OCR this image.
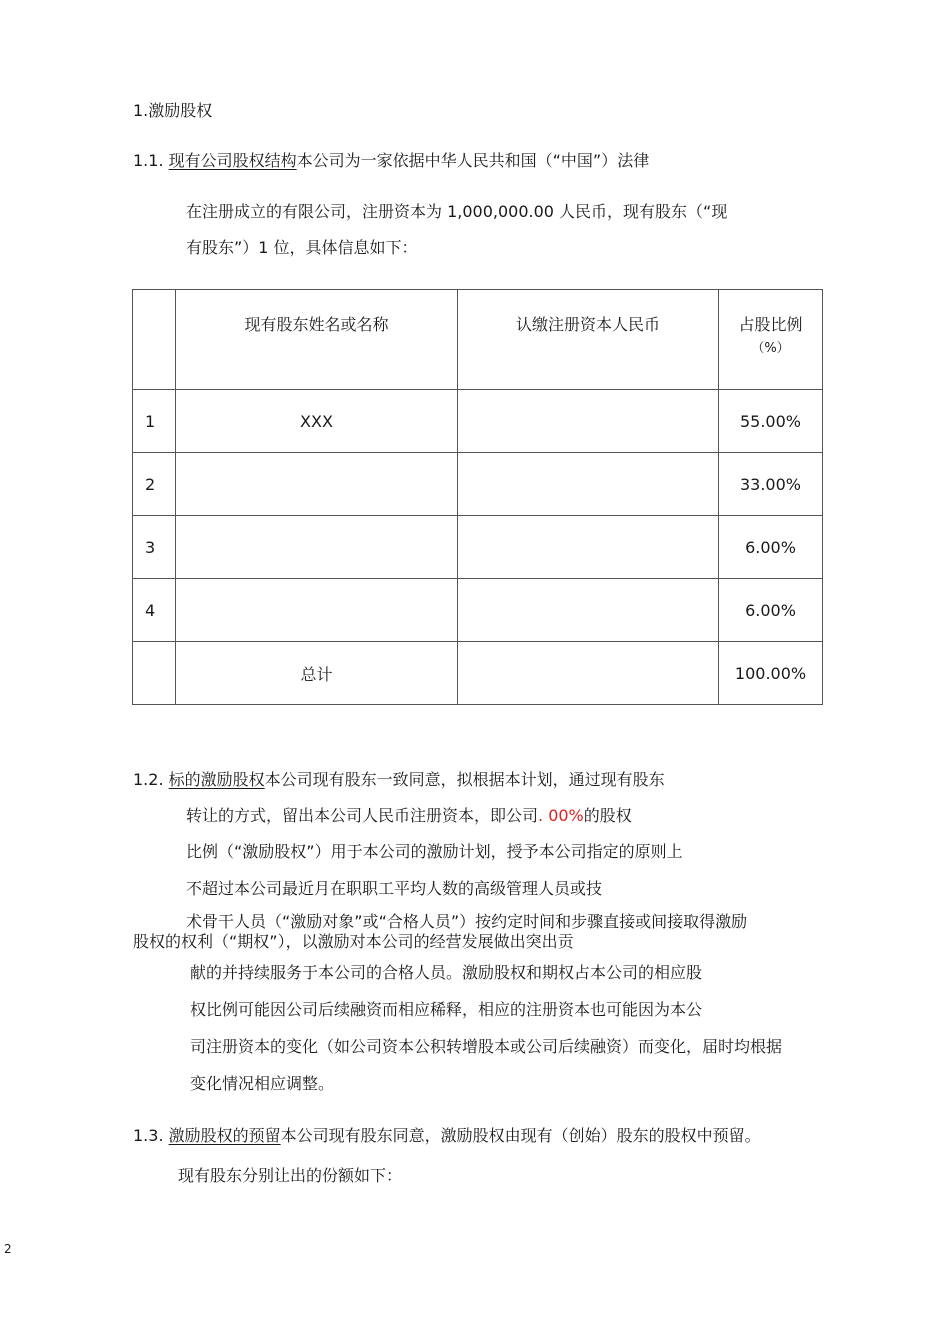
1.激励股权
1.1. 现有公司股权结构本公司为一家依据中华人民共和国（“中国”）法律
在注册成立的有限公司，注册资本为 1,000,000.00 人民币，现有股东（“现
有股东”）1 位，具体信息如下：

	现有股东姓名或名称	认缴注册资本人民币	占股比例
（%）

1	XXX		55.00%
2			33.00%
3			6.00%
4			6.00%
	总计		100.00%
1.2. 标的激励股权本公司现有股东一致同意，拟根据本计划，通过现有股东
转让的方式，留出本公司人民币注册资本，即公司. 00%的股权
比例（“激励股权”）用于本公司的激励计划，授予本公司指定的原则上
不超过本公司最近月在职职工平均人数的高级管理人员或技
术骨干人员（“激励对象”或“合格人员”）按约定时间和步骤直接或间接取得激励
股权的权利（“期权”），以激励对本公司的经营发展做出突出贡
献的并持续服务于本公司的合格人员。激励股权和期权占本公司的相应股
权比例可能因公司后续融资而相应稀释，相应的注册资本也可能因为本公
司注册资本的变化（如公司资本公积转增股本或公司后续融资）而变化，届时均根据
变化情况相应调整。
1.3. 激励股权的预留本公司现有股东同意，激励股权由现有（创始）股东的股权中预留。
现有股东分别让出的份额如下：
2
